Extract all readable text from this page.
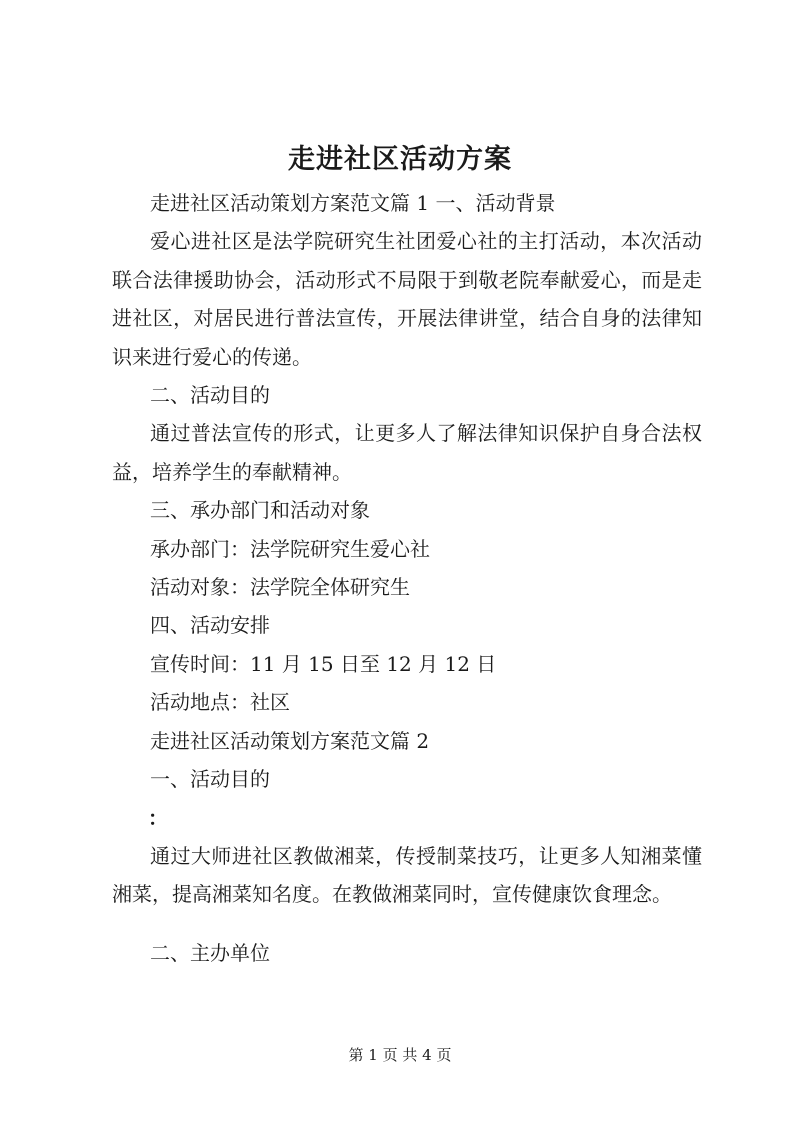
走进社区活动方案

走进社区活动策划方案范文篇 1 一、活动背景

爱心进社区是法学院研究生社团爱心社的主打活动，本次活动联合法律援助协会，活动形式不局限于到敬老院奉献爱心，而是走进社区，对居民进行普法宣传，开展法律讲堂，结合自身的法律知识来进行爱心的传递。

二、活动目的

通过普法宣传的形式，让更多人了解法律知识保护自身合法权益，培养学生的奉献精神。

三、承办部门和活动对象

承办部门：法学院研究生爱心社

活动对象：法学院全体研究生

四、活动安排

宣传时间：11 月 15 日至 12 月 12 日

活动地点：社区

走进社区活动策划方案范文篇 2

一、活动目的

：

通过大师进社区教做湘菜，传授制菜技巧，让更多人知湘菜懂湘菜，提高湘菜知名度。在教做湘菜同时，宣传健康饮食理念。

二、主办单位

第 1 页 共 4 页
